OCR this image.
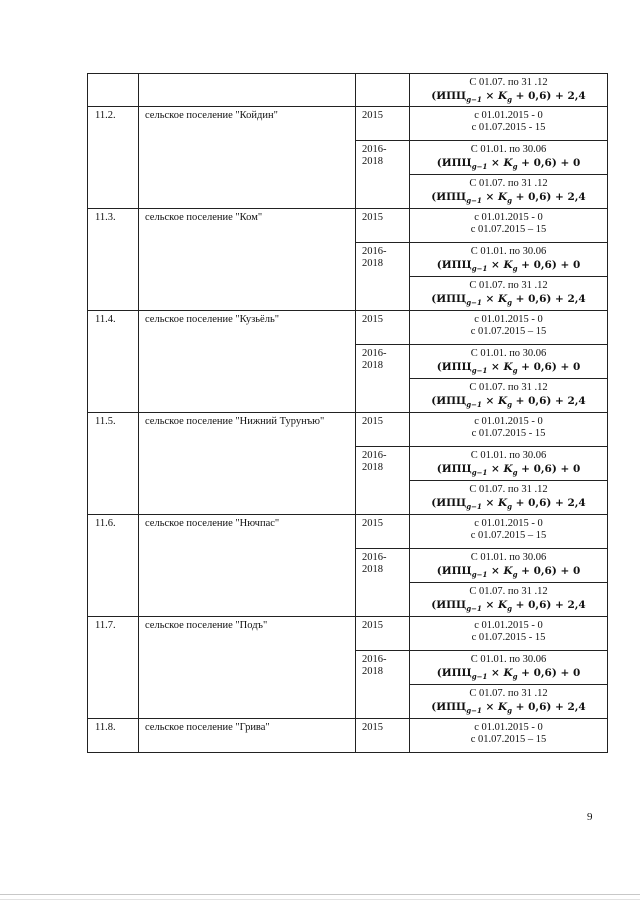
			С 01.07. по 31 .12
$(ИПЦ_{g-1} \times K_g + 0,6) + 2,4$

11.2.	сельское поселение "Койдин"	2015	с 01.01.2015 - 0
с 01.07.2015 - 15

		2016-
2018	С 01.01. по 30.06
$(ИПЦ_{g-1} \times K_g + 0,6) + 0$

			С 01.07. по 31 .12
$(ИПЦ_{g-1} \times K_g + 0,6) + 2,4$

11.3.	сельское поселение "Ком"	2015	с 01.01.2015 - 0
с 01.07.2015 – 15

		2016-
2018	С 01.01. по 30.06
$(ИПЦ_{g-1} \times K_g + 0,6) + 0$

			С 01.07. по 31 .12
$(ИПЦ_{g-1} \times K_g + 0,6) + 2,4$

11.4.	сельское поселение "Кузьёль"	2015	с 01.01.2015 - 0
с 01.07.2015 – 15

		2016-
2018	С 01.01. по 30.06
$(ИПЦ_{g-1} \times K_g + 0,6) + 0$

			С 01.07. по 31 .12
$(ИПЦ_{g-1} \times K_g + 0,6) + 2,4$

11.5.	сельское поселение "Нижний Турунъю"	2015	с 01.01.2015 - 0
с 01.07.2015 - 15

		2016-
2018	С 01.01. по 30.06
$(ИПЦ_{g-1} \times K_g + 0,6) + 0$

			С 01.07. по 31 .12
$(ИПЦ_{g-1} \times K_g + 0,6) + 2,4$

11.6.	сельское поселение "Нючпас"	2015	с 01.01.2015 - 0
с 01.07.2015 – 15

		2016-
2018	С 01.01. по 30.06
$(ИПЦ_{g-1} \times K_g + 0,6) + 0$

			С 01.07. по 31 .12
$(ИПЦ_{g-1} \times K_g + 0,6) + 2,4$

11.7.	сельское поселение "Подъ"	2015	с 01.01.2015 - 0
с 01.07.2015 - 15

		2016-
2018	С 01.01. по 30.06
$(ИПЦ_{g-1} \times K_g + 0,6) + 0$

			С 01.07. по 31 .12
$(ИПЦ_{g-1} \times K_g + 0,6) + 2,4$

11.8.	сельское поселение "Грива"	2015	с 01.01.2015 - 0
с 01.07.2015 – 15
9
